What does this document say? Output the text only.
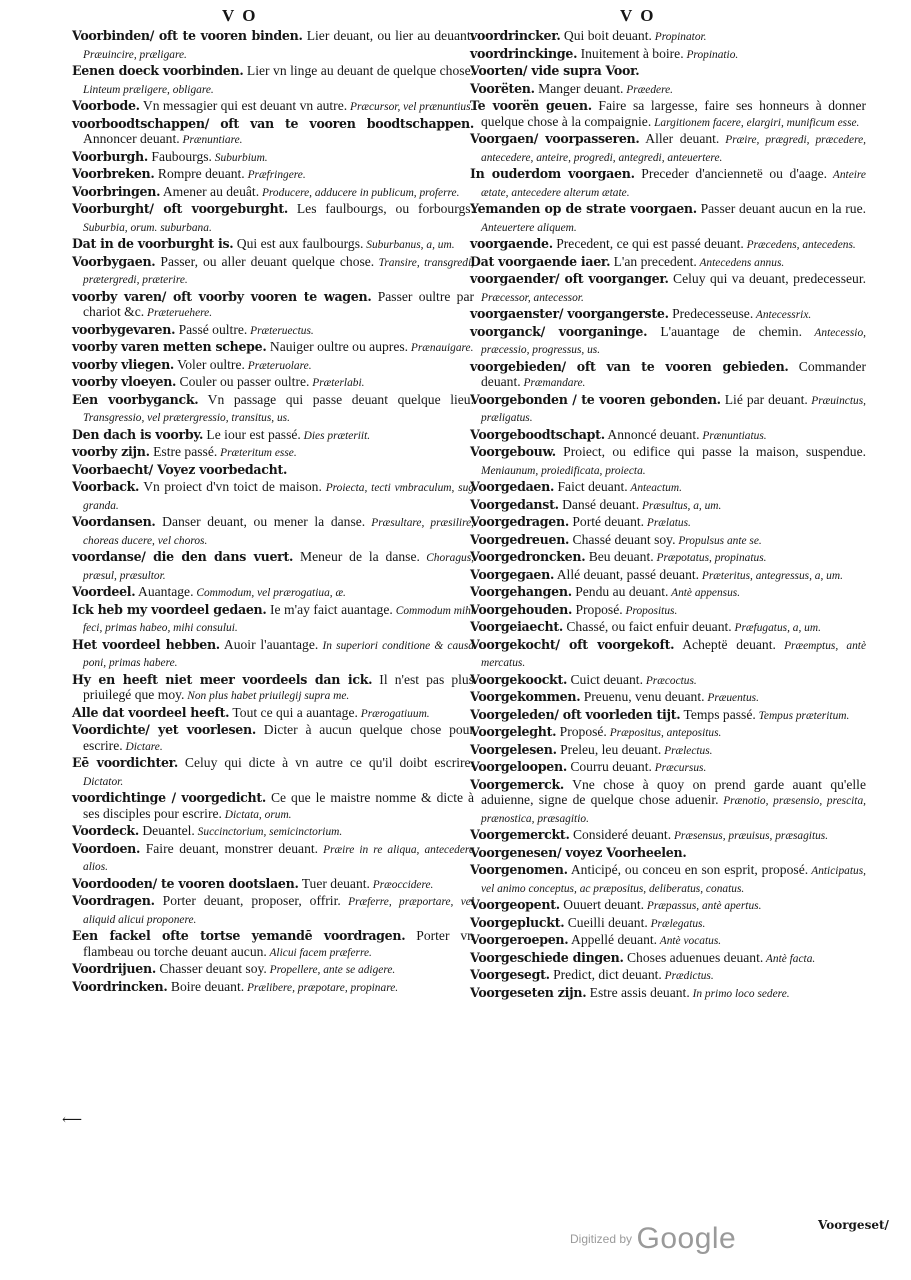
V O	V O

Voorbinden/ oft te vooren binden. Lier deuant, ou lier au deuant. Præuincire, præligare.

Eenen doeck voorbinden. Lier vn linge au deuant de quelque chose. Linteum præligere, obligare.

Voorbode. Vn messagier qui est deuant vn autre. Præcursor, vel prænuntius.

voorboodtschappen/ oft van te vooren boodtschappen. Annoncer deuant. Prænuntiare.

Voorburgh. Faubourgs. Suburbium.

Voorbreken. Rompre deuant. Præfringere.

Voorbringen. Amener au deuât. Producere, adducere in publicum, proferre.

Voorburght/ oft voorgeburght. Les faulbourgs, ou forbourgs. Suburbia, orum. suburbana.

Dat in de voorburght is. Qui est aux faulbourgs. Suburbanus, a, um.

Voorbygaen. Passer, ou aller deuant quelque chose. Transire, transgredi, prætergredi, præterire.

voorby varen/ oft voorby vooren te wagen. Passer oultre par chariot &c. Præteruehere.

voorbygevaren. Passé oultre. Præteruectus.

voorby varen metten schepe. Nauiger oultre ou aupres. Prænauigare.

voorby vliegen. Voler oultre. Præteruolare.

voorby vloeyen. Couler ou passer oultre. Præterlabi.

Een voorbyganck. Vn passage qui passe deuant quelque lieu. Transgressio, vel prætergressio, transitus, us.

Den dach is voorby. Le iour est passé. Dies præteriit.

voorby zijn. Estre passé. Præteritum esse.

Voorbaecht/ Voyez voorbedacht.

Voorback. Vn proiect d'vn toict de maison. Proiecta, tecti vmbraculum, sug granda.

Voordansen. Danser deuant, ou mener la danse. Præsultare, præsilire, choreas ducere, vel choros.

voordanse/ die den dans vuert. Meneur de la danse. Choragus, præsul, præsultor.

Voordeel. Auantage. Commodum, vel prærogatiua, æ.

Ick heb my voordeel gedaen. Ie m'ay faict auantage. Commodum mihi feci, primas habeo, mihi consului.

Het voordeel hebben. Auoir l'auantage. In superiori conditione & causa poni, primas habere.

Hy en heeft niet meer voordeels dan ick. Il n'est pas plus priuilegé que moy. Non plus habet priuilegij supra me.

Alle dat voordeel heeft. Tout ce qui a auantage. Prærogatiuum.

Voordichte/ yet voorlesen. Dicter à aucun quelque chose pour escrire. Dictare.

Eē voordichter. Celuy qui dicte à vn autre ce qu'il doibt escrire. Dictator.

voordichtinge / voorgedicht. Ce que le maistre nomme & dicte à ses disciples pour escrire. Dictata, orum.

Voordeck. Deuantel. Succinctorium, semicinctorium.

Voordoen. Faire deuant, monstrer deuant. Præire in re aliqua, antecedere alios.

Voordooden/ te vooren dootslaen. Tuer deuant. Præoccidere.

Voordragen. Porter deuant, proposer, offrir. Præferre, præportare, vel aliquid alicui proponere.

Een fackel ofte tortse yemandē voordragen. Porter vn flambeau ou torche deuant aucun. Alicui facem præferre.

Voordrijuen. Chasser deuant soy. Propellere, ante se adigere.

Voordrincken. Boire deuant. Prælibere, præpotare, propinare.

voordrincker. Qui boit deuant. Propinator.

voordrinckinge. Inuitement à boire. Propinatio.

Voorten/ vide supra Voor.

Voorëten. Manger deuant. Præedere.

Te voorën geuen. Faire sa largesse, faire ses honneurs à donner quelque chose à la compaignie. Largitionem facere, elargiri, munificum esse.

Voorgaen/ voorpasseren. Aller deuant. Præire, prægredi, præcedere, antecedere, anteire, progredi, antegredi, anteuertere.

In ouderdom voorgaen. Preceder d'anciennetë ou d'aage. Anteire ætate, antecedere alterum ætate.

Yemanden op de strate voorgaen. Passer deuant aucun en la rue. Anteuertere aliquem.

voorgaende. Precedent, ce qui est passé deuant. Præcedens, antecedens.

Dat voorgaende iaer. L'an precedent. Antecedens annus.

voorgaender/ oft voorganger. Celuy qui va deuant, predecesseur. Præcessor, antecessor.

voorgaenster/ voorgangerste. Predecesseuse. Antecessrix.

voorganck/ voorganinge. L'auantage de chemin. Antecessio, præcessio, progressus, us.

voorgebieden/ oft van te vooren gebieden. Commander deuant. Præmandare.

Voorgebonden / te vooren gebonden. Lié par deuant. Præuinctus, præligatus.

Voorgeboodtschapt. Annoncé deuant. Prænuntiatus.

Voorgebouw. Proiect, ou edifice qui passe la maison, suspendue. Meniaunum, proiedificata, proiecta.

Voorgedaen. Faict deuant. Anteactum.

Voorgedanst. Dansé deuant. Præsultus, a, um.

Voorgedragen. Porté deuant. Prælatus.

Voorgedreuen. Chassé deuant soy. Propulsus ante se.

Voorgedroncken. Beu deuant. Præpotatus, propinatus.

Voorgegaen. Allé deuant, passé deuant. Præteritus, antegressus, a, um.

Voorgehangen. Pendu au deuant. Antè appensus.

Voorgehouden. Proposé. Propositus.

Voorgeiaecht. Chassé, ou faict enfuir deuant. Præfugatus, a, um.

Voorgekocht/ oft voorgekoft. Acheptë deuant. Præemptus, antè mercatus.

Voorgekoockt. Cuict deuant. Præcoctus.

Voorgekommen. Preuenu, venu deuant. Præuentus.

Voorgeleden/ oft voorleden tijt. Temps passé. Tempus præteritum.

Voorgeleght. Proposé. Præpositus, antepositus.

Voorgelesen. Preleu, leu deuant. Prælectus.

Voorgeloopen. Courru deuant. Præcursus.

Voorgemerck. Vne chose à quoy on prend garde auant qu'elle aduienne, signe de quelque chose aduenir. Prænotio, præsensio, prescita, prænostica, præsagitio.

Voorgemerckt. Consideré deuant. Præsensus, præuisus, præsagitus.

Voorgenesen/ voyez Voorheelen.

Voorgenomen. Anticipé, ou conceu en son esprit, proposé. Anticipatus, vel animo conceptus, ac præpositus, deliberatus, conatus.

Voorgeopent. Ouuert deuant. Præpassus, antè apertus.

Voorgepluckt. Cueilli deuant. Prælegatus.

Voorgeroepen. Appellé deuant. Antè vocatus.

Voorgeschiede dingen. Choses aduenues deuant. Antè facta.

Voorgesegt. Predict, dict deuant. Prædictus.

Voorgeseten zijn. Estre assis deuant. In primo loco sedere.

⟵
Voorgeset/
Digitized by Google
